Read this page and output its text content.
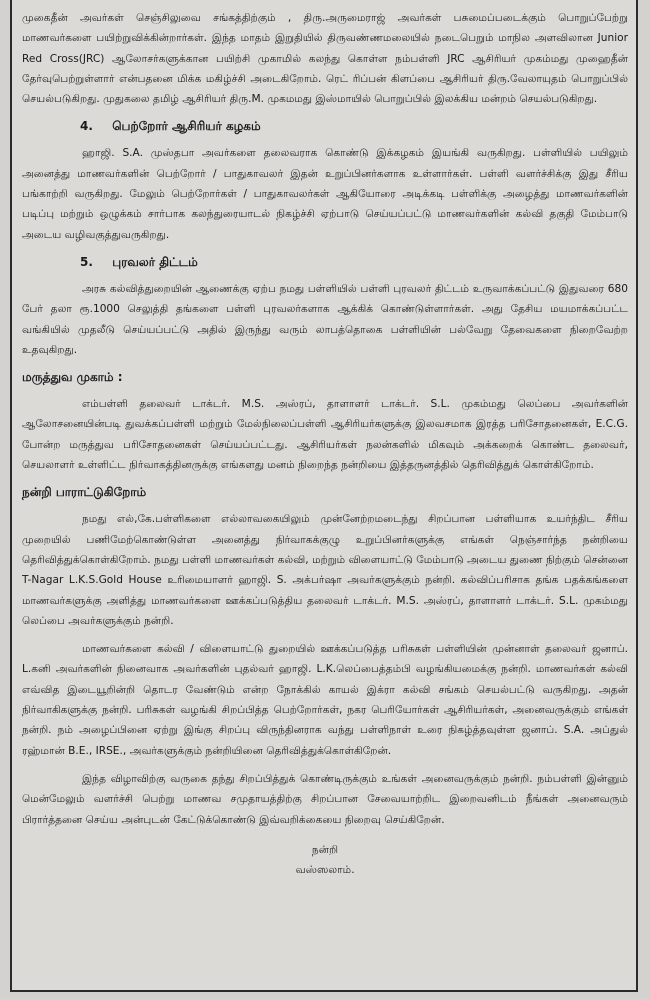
முகைதீன் அவர்கள் செஞ்சிலுவை சங்கத்திற்கும் , திரு.அருமைராஜ் அவர்கள் பசுமைப்படைக்கும் பொறுப்பேற்று மாணவர்களை பயிற்றுவிக்கின்றார்கள். இந்த மாதம் இறுதியில் திருவண்ணமலையில் நடைபெறும் மாநில அளவிலான Junior Red Cross(JRC) ஆலோசர்களுக்கான பயிற்சி முகாமில் கலந்து கொள்ள நம்பள்ளி JRC ஆசிரியர் முகம்மது முஹைதீன் தேர்வுபெற்றுள்ளார் என்பதனை மிக்க மகிழ்ச்சி அடைகிறோம். ரெட் ரிப்பன் கிளப்பை ஆசிரியர் திரு.வேலாயுதம் பொறுப்பில் செயல்படுகிறது. முதுகலை தமிழ் ஆசிரியர் திரு.M. முகமமது இஸ்மாயில் பொறுப்பில் இலக்கிய மன்றம் செயல்படுகிறது.

4. பெற்றோர் ஆசிரியர் கழகம்

ஹாஜி. S.A. முஸ்தபா அவர்களை தலைவராக கொண்டு இக்கழகம் இயங்கி வருகிறது. பள்ளியில் பயிலும் அனைத்து மாணவர்களின் பெற்றோர் / பாதுகாவலர் இதன் உறுப்பினர்களாக உள்ளார்கள். பள்ளி வளர்ச்சிக்கு இது சீரிய பங்காற்றி வருகிறது. மேலும் பெற்றோர்கள் / பாதுகாவலர்கள் ஆகியோரை அடிக்கடி பள்ளிக்கு அழைத்து மாணவர்களின் படிப்பு மற்றும் ஒழுக்கம் சார்பாக கலந்துரையாடல் நிகழ்ச்சி ஏற்பாடு செய்யப்பட்டு மாணவர்களின் கல்வி தகுதி மேம்பாடு அடைய வழிவகுத்துவருகிறது.

5. புரவலர் திட்டம்

அரசு கல்வித்துறையின் ஆணைக்கு ஏற்ப நமது பள்ளியில் பள்ளி புரவலர் திட்டம் உருவாக்கப்பட்டு இதுவரை 680 பேர் தலா ரூ.1000 செலுத்தி தங்களை பள்ளி புரவலர்களாக ஆக்கிக் கொண்டுள்ளார்கள். அது தேசிய மயமாக்கப்பட்ட வங்கியில் முதலீடு செய்யப்பட்டு அதில் இருந்து வரும் லாபத்தொகை பள்ளியின் பல்வேறு தேவைகளை நிறைவேற்ற உதவுகிறது.

மருத்துவ முகாம் :

எம்பள்ளி தலைவர் டாக்டர். M.S. அஸ்ரப், தாளாளர் டாக்டர். S.L. முகம்மது லெப்பை அவர்களின் ஆலோசனையின்படி துவக்கப்பள்ளி மற்றும் மேல்நிலைப்பள்ளி ஆசிரியர்களுக்கு இலவசமாக இரத்த பரிசோதனைகள், E.C.G. போன்ற மருத்துவ பரிசோதனைகள் செய்யப்பட்டது. ஆசிரியர்கள் நலன்களில் மிகவும் அக்கறைக் கொண்ட தலைவர், செயலாளர் உள்ளிட்ட நிர்வாகத்தினருக்கு எங்களது மனம் நிறைந்த நன்றியை இத்தருனத்தில் தெரிவித்துக் கொள்கிறோம்.

நன்றி பாராட்டுகிறோம்

நமது எல்,கே.பள்ளிகளை எல்லாவகையிலும் முன்னேற்றமடைந்து சிறப்பான பள்ளியாக உயர்ந்திட சீரிய முறையில் பணிமேற்கொண்டுள்ள அனைத்து நிர்வாகக்குழு உறுப்பினர்களுக்கு எங்கள் நெஞ்சார்ந்த நன்றியை தெரிவித்துக்கொள்கிறோம். நமது பள்ளி மாணவர்கள் கல்வி, மற்றும் விளையாட்டு மேம்பாடு அடைய துணை நிற்கும் சென்னை T-Nagar L.K.S.Gold House உரிமையாளர் ஹாஜி. S. அக்பர்ஷா அவர்களுக்கும் நன்றி. கல்விப்பரிசாக தங்க பதக்கங்களை மாணவர்களுக்கு அளித்து மாணவர்களை ஊக்கப்படுத்திய தலைவர் டாக்டர். M.S. அஸ்ரப், தாளாளர் டாக்டர். S.L. முகம்மது லெப்பை அவர்களுக்கும் நன்றி.

மாணவர்களை கல்வி / விளையாட்டு துறையில் ஊக்கப்படுத்த பரிசுகள் பள்ளியின் முன்னாள் தலைவர் ஜனாப். L.கனி அவர்களின் நினைவாக அவர்களின் புதல்வர் ஹாஜி. L.K.லெப்பைத்தம்பி வழங்கியமைக்கு நன்றி. மாணவர்கள் கல்வி எவ்வித இடையூறின்றி தொடர வேண்டும் என்ற நோக்கில் காயல் இக்ரா கல்வி சங்கம் செயல்பட்டு வருகிறது. அதன் நிர்வாகிகளுக்கு நன்றி. பரிசுகள் வழங்கி சிறப்பித்த பெற்றோர்கள், நகர பெரியோர்கள் ஆசிரியர்கள், அனைவருக்கும் எங்கள் நன்றி. நம் அழைப்பினை ஏற்று இங்கு சிறப்பு விருந்தினராக வந்து பள்ளிநாள் உரை நிகழ்த்தவுள்ள ஜனாப். S.A. அப்துல் ரஹ்மான் B.E., IRSE., அவர்களுக்கும் நன்றியினை தெரிவித்துக்கொள்கிறேன்.

இந்த விழாவிற்கு வருகை தந்து சிறப்பித்துக் கொண்டிருக்கும் உங்கள் அனைவருக்கும் நன்றி. நம்பள்ளி இன்னும் மென்மேலும் வளர்ச்சி பெற்று மாணவ சமுதாயத்திற்கு சிறப்பான சேவையாற்றிட இறைவனிடம் நீங்கள் அனைவரும் பிரார்த்தனை செய்ய அன்புடன் கேட்டுக்கொண்டு இவ்வறிக்கையை நிறைவு செய்கிறேன்.

நன்றி
வஸ்ஸலாம்.
